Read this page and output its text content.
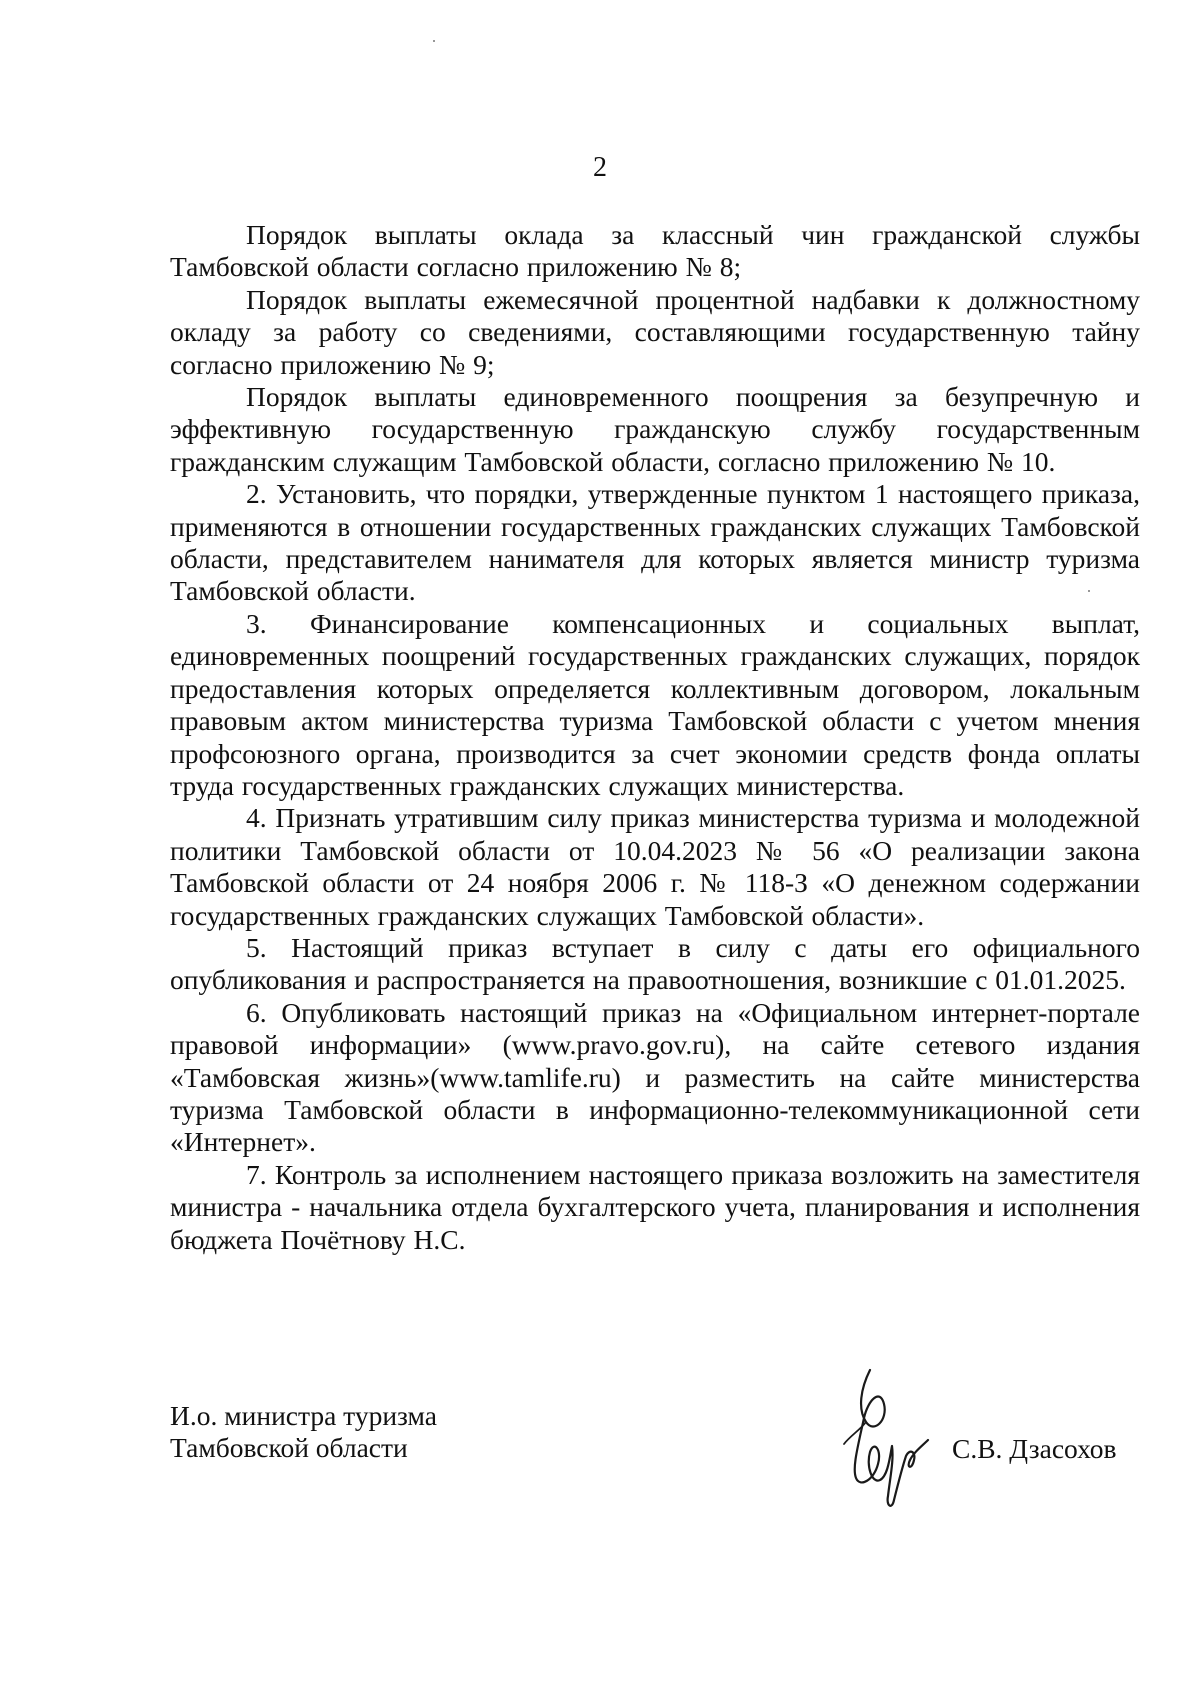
2

Порядок выплаты оклада за классный чин гражданской службы Тамбовской области согласно приложению № 8;

Порядок выплаты ежемесячной процентной надбавки к должностному окладу за работу со сведениями, составляющими государственную тайну согласно приложению № 9;

Порядок выплаты единовременного поощрения за безупречную и эффективную государственную гражданскую службу государственным гражданским служащим Тамбовской области, согласно приложению № 10.

2. Установить, что порядки, утвержденные пунктом 1 настоящего приказа, применяются в отношении государственных гражданских служащих Тамбовской области, представителем нанимателя для которых является министр туризма Тамбовской области.

3. Финансирование компенсационных и социальных выплат, единовременных поощрений государственных гражданских служащих, порядок предоставления которых определяется коллективным договором, локальным правовым актом министерства туризма Тамбовской области с учетом мнения профсоюзного органа, производится за счет экономии средств фонда оплаты труда государственных гражданских служащих министерства.

4. Признать утратившим силу приказ министерства туризма и молодежной политики Тамбовской области от 10.04.2023 № 56 «О реализации закона Тамбовской области от 24 ноября 2006 г. № 118-З «О денежном содержании государственных гражданских служащих Тамбовской области».

5. Настоящий приказ вступает в силу с даты его официального опубликования и распространяется на правоотношения, возникшие с 01.01.2025.

6. Опубликовать настоящий приказ на «Официальном интернет-портале правовой информации» (www.pravo.gov.ru), на сайте сетевого издания «Тамбовская жизнь»(www.tamlife.ru) и разместить на сайте министерства туризма Тамбовской области в информационно-телекоммуникационной сети «Интернет».

7. Контроль за исполнением настоящего приказа возложить на заместителя министра - начальника отдела бухгалтерского учета, планирования и исполнения бюджета Почётнову Н.С.

И.о. министра туризма
Тамбовской области	С.В. Дзасохов
